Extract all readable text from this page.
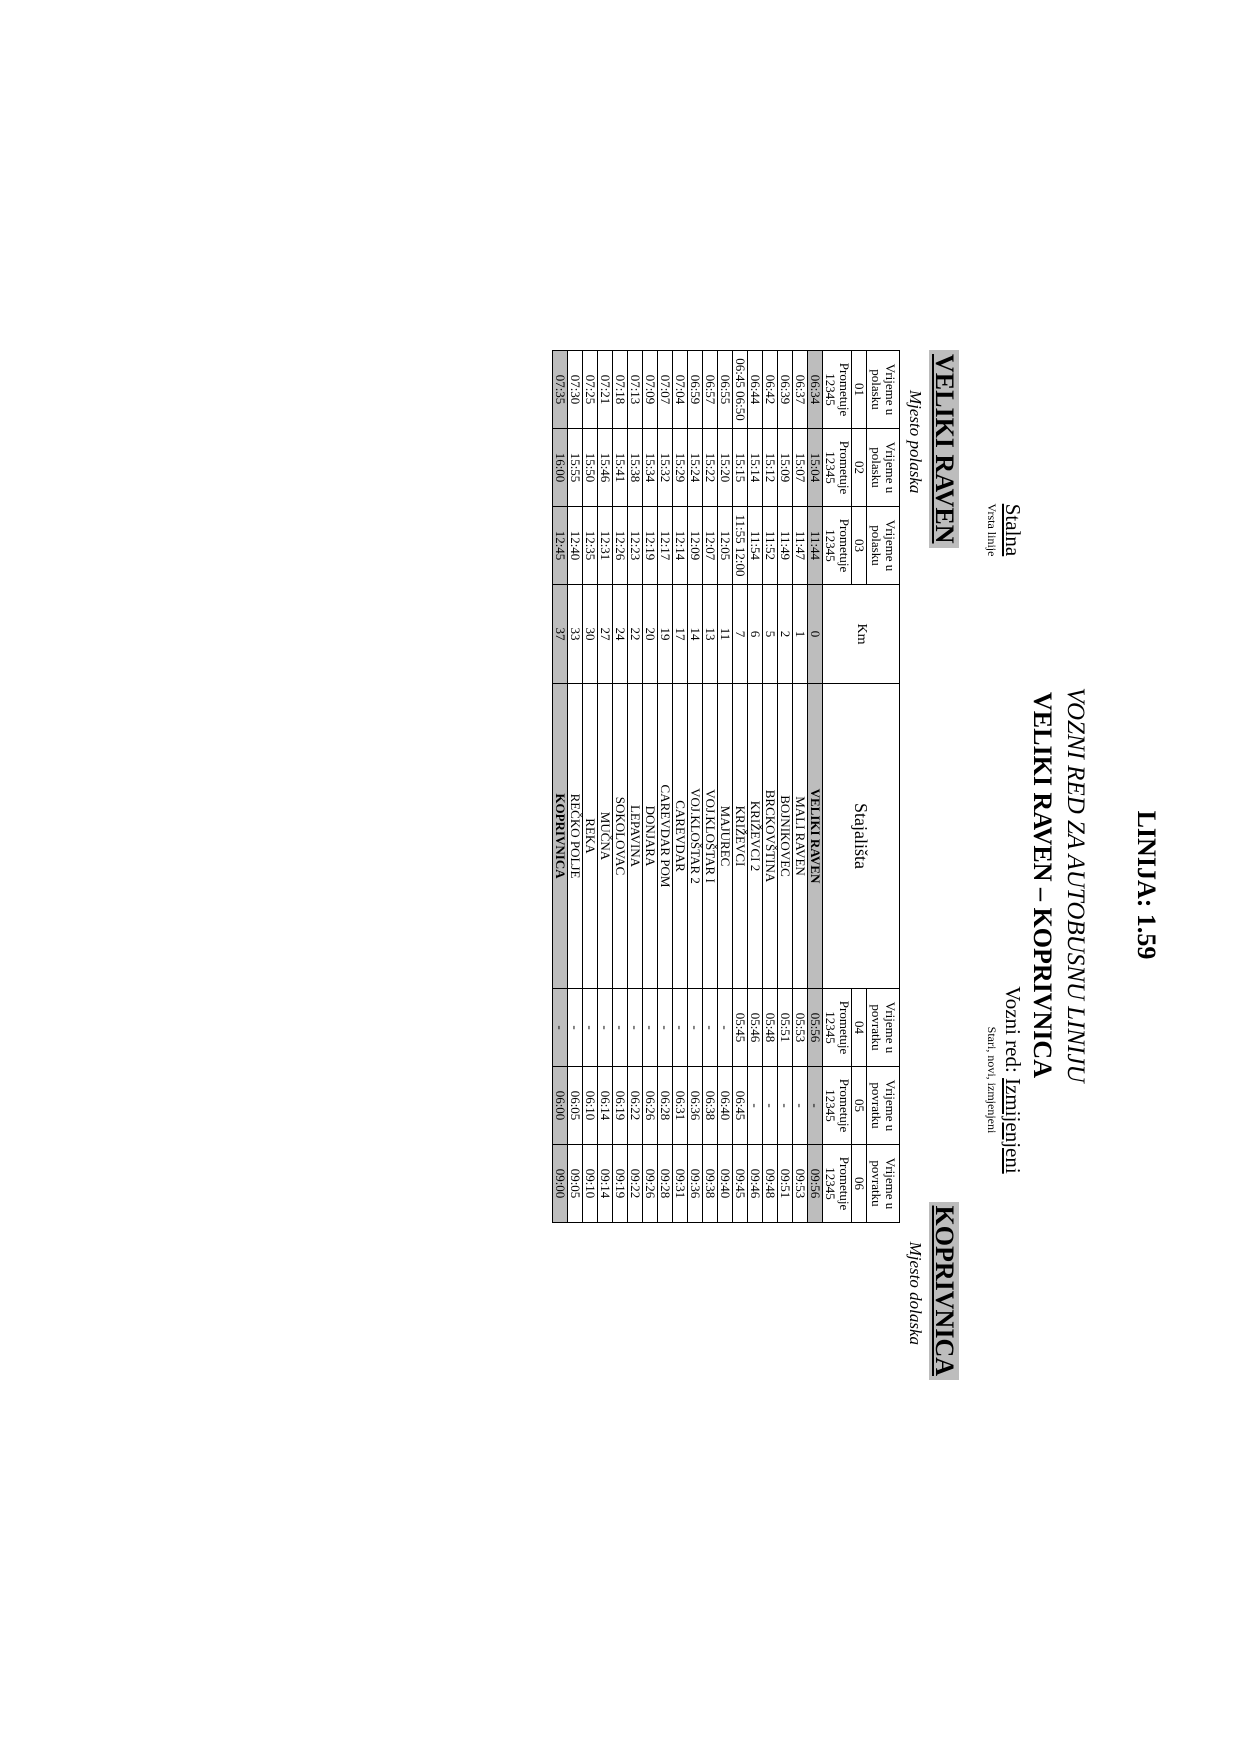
LINIJA: 1.59
VOZNI RED ZA AUTOBUSNU LINIJU
VELIKI RAVEN – KOPRIVNICA
Stalna
Vrsta linije
Vozni red: Izmijenjeni
Stari, novi, izmjenjeni
VELIKI RAVEN
Mjesto polaska
KOPRIVNICA
Mjesto dolaska
Vrijeme u polasku	Vrijeme u polasku	Vrijeme u polasku	Km	Stajališta	Vrijeme u povratku	Vrijeme u povratku	Vrijeme u povratku
01	02	03			04	05	06
Prometuje 12345	Prometuje 12345	Prometuje 12345			Prometuje 12345	Prometuje 12345	Prometuje 12345
06:34	15:04	11:44	0	VELIKI RAVEN	05:56	-	09:56
06:37	15:07	11:47	1	MALI RAVEN	05:53	-	09:53
06:39	15:09	11:49	2	BOJNIKOVEC	05:51	-	09:51
06:42	15:12	11:52	5	BRCKOVŠTINA	05:48	-	09:48
06:44	15:14	11:54	6	KRIŽEVCI 2	05:46	-	09:46
06:45 06:50	15:15	11:55 12:00	7	KRIŽEVCI	05:45	06:45	09:45
06:55	15:20	12:05	11	MAJUREC	-	06:40	09:40
06:57	15:22	12:07	13	VOJ.KLOŠTAR I	-	06:38	09:38
06:59	15:24	12:09	14	VOJ.KLOŠTAR 2	-	06:36	09:36
07:04	15:29	12:14	17	CAREVDAR	-	06:31	09:31
07:07	15:32	12:17	19	CAREVDAR POM	-	06:28	09:28
07:09	15:34	12:19	20	DONJARA	-	06:26	09:26
07:13	15:38	12:23	22	LEPAVINA	-	06:22	09:22
07:18	15:41	12:26	24	SOKOLOVAC	-	06:19	09:19
07:21	15:46	12:31	27	MUČNA	-	06:14	09:14
07:25	15:50	12:35	30	REKA	-	06:10	09:10
07:30	15:55	12:40	33	REČKO POLJE	-	06:05	09:05
07:35	16:00	12:45	37	KOPRIVNICA	-	06:00	09:00
